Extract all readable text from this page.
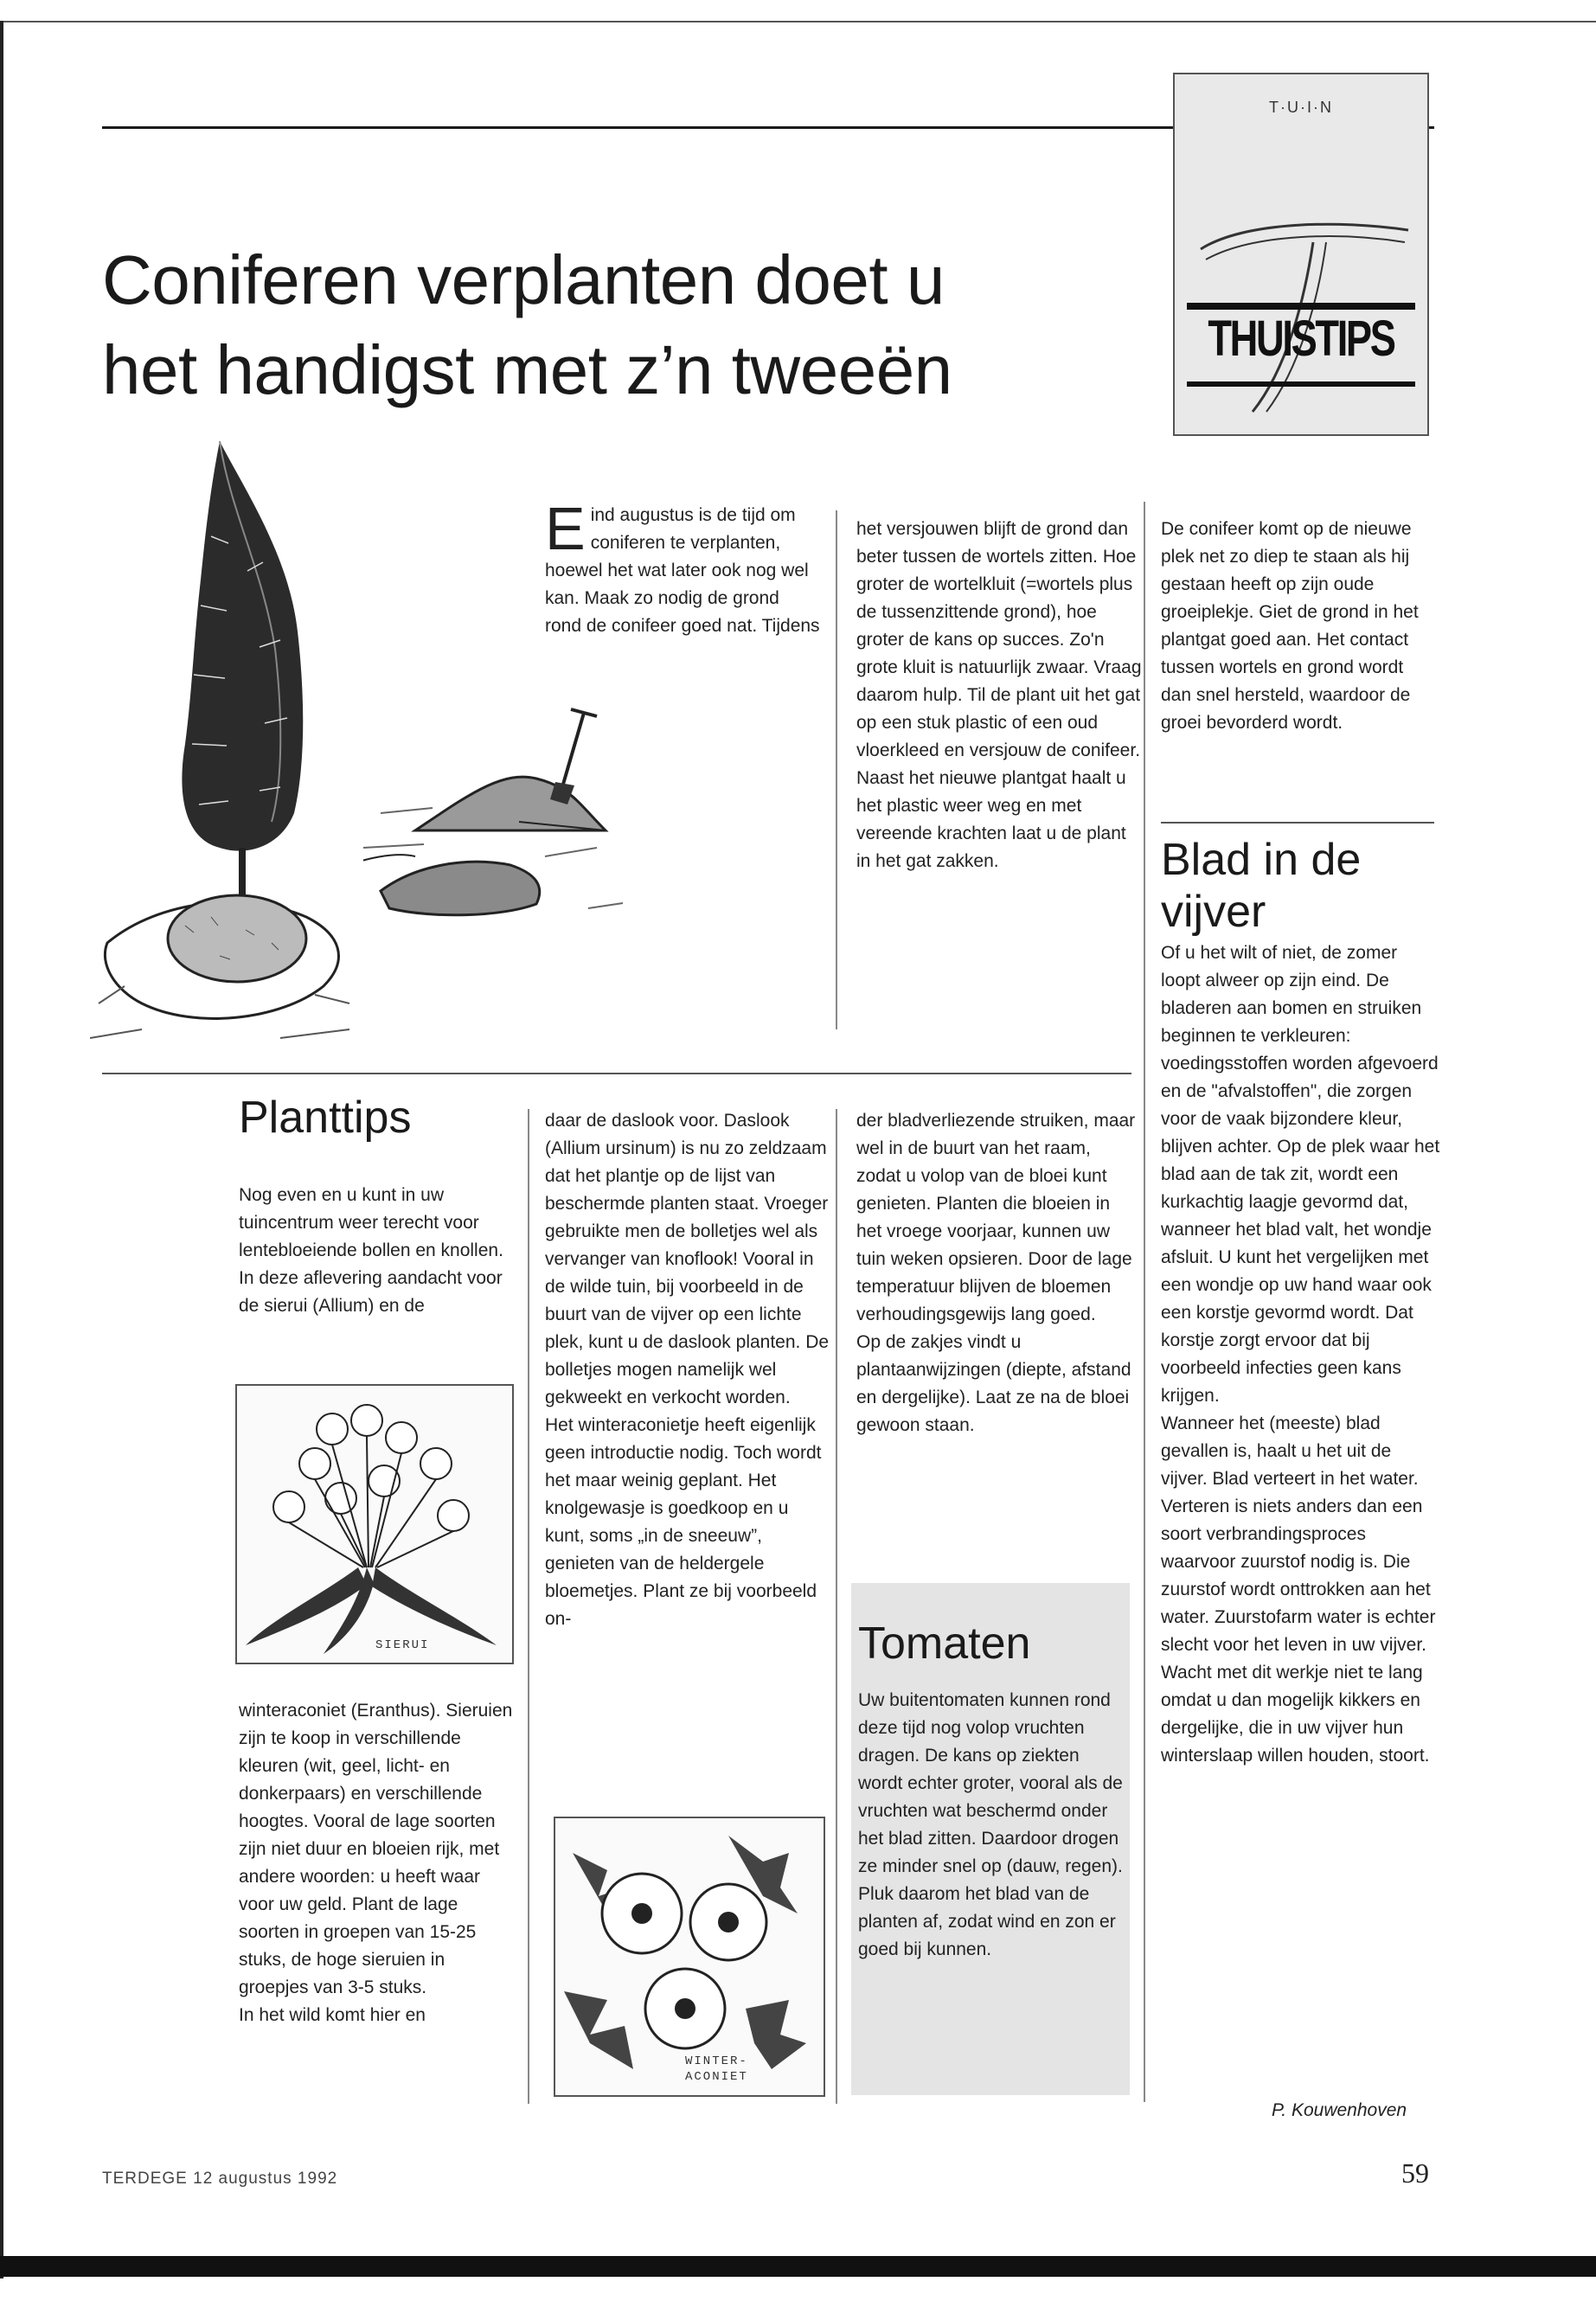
T·U·I·N
THUISTIPS
Coniferen verplanten doet u
het handigst met z’n tweeën
E ind augustus is de tijd om coniferen te verplanten, hoewel het wat later ook nog wel kan. Maak zo nodig de grond rond de conifeer goed nat. Tijdens

het versjouwen blijft de grond dan beter tussen de wortels zitten. Hoe groter de wortelkluit (=wortels plus de tussenzittende grond), hoe groter de kans op succes. Zo'n grote kluit is natuurlijk zwaar. Vraag daarom hulp. Til de plant uit het gat op een stuk plastic of een oud vloerkleed en versjouw de conifeer. Naast het nieuwe plantgat haalt u het plastic weer weg en met vereende krachten laat u de plant in het gat zakken.

De conifeer komt op de nieuwe plek net zo diep te staan als hij gestaan heeft op zijn oude groeiplekje. Giet de grond in het plantgat goed aan. Het contact tussen wortels en grond wordt dan snel hersteld, waardoor de groei bevorderd wordt.

Blad in de vijver

Of u het wilt of niet, de zomer loopt alweer op zijn eind. De bladeren aan bomen en struiken beginnen te verkleuren: voedingsstoffen worden afgevoerd en de "afvalstoffen", die zorgen voor de vaak bijzondere kleur, blijven achter. Op de plek waar het blad aan de tak zit, wordt een kurkachtig laagje gevormd dat, wanneer het blad valt, het wondje afsluit. U kunt het vergelijken met een wondje op uw hand waar ook een korstje gevormd wordt. Dat korstje zorgt ervoor dat bij voorbeeld infecties geen kans krijgen.

Wanneer het (meeste) blad gevallen is, haalt u het uit de vijver. Blad verteert in het water. Verteren is niets anders dan een soort verbrandingsproces waarvoor zuurstof nodig is. Die zuurstof wordt onttrokken aan het water. Zuurstofarm water is echter slecht voor het leven in uw vijver. Wacht met dit werkje niet te lang omdat u dan mogelijk kikkers en dergelijke, die in uw vijver hun winterslaap willen houden, stoort.

P. Kouwenhoven
Planttips

Nog even en u kunt in uw tuincentrum weer terecht voor lentebloeiende bollen en knollen. In deze aflevering aandacht voor de sierui (Allium) en de

SIERUI

winteraconiet (Eranthus). Sieruien zijn te koop in verschillende kleuren (wit, geel, licht- en donkerpaars) en verschillende hoogtes. Vooral de lage soorten zijn niet duur en bloeien rijk, met andere woorden: u heeft waar voor uw geld. Plant de lage soorten in groepen van 15-25 stuks, de hoge sieruien in groepjes van 3-5 stuks.

In het wild komt hier en

daar de daslook voor. Daslook (Allium ursinum) is nu zo zeldzaam dat het plantje op de lijst van beschermde planten staat. Vroeger gebruikte men de bolletjes wel als vervanger van knoflook! Vooral in de wilde tuin, bij voorbeeld in de buurt van de vijver op een lichte plek, kunt u de daslook planten. De bolletjes mogen namelijk wel gekweekt en verkocht worden.

Het winteraconietje heeft eigenlijk geen introductie nodig. Toch wordt het maar weinig geplant. Het knolgewasje is goedkoop en u kunt, soms „in de sneeuw”, genieten van de heldergele bloemetjes. Plant ze bij voorbeeld on-

WINTER-
ACONIET

der bladverliezende struiken, maar wel in de buurt van het raam, zodat u volop van de bloei kunt genieten. Planten die bloeien in het vroege voorjaar, kunnen uw tuin weken opsieren. Door de lage temperatuur blijven de bloemen verhoudingsgewijs lang goed.

Op de zakjes vindt u plantaanwijzingen (diepte, afstand en dergelijke). Laat ze na de bloei gewoon staan.

Tomaten

Uw buitentomaten kunnen rond deze tijd nog volop vruchten dragen. De kans op ziekten wordt echter groter, vooral als de vruchten wat beschermd onder het blad zitten. Daardoor drogen ze minder snel op (dauw, regen).

Pluk daarom het blad van de planten af, zodat wind en zon er goed bij kunnen.

TERDEGE 12 augustus 1992	59
